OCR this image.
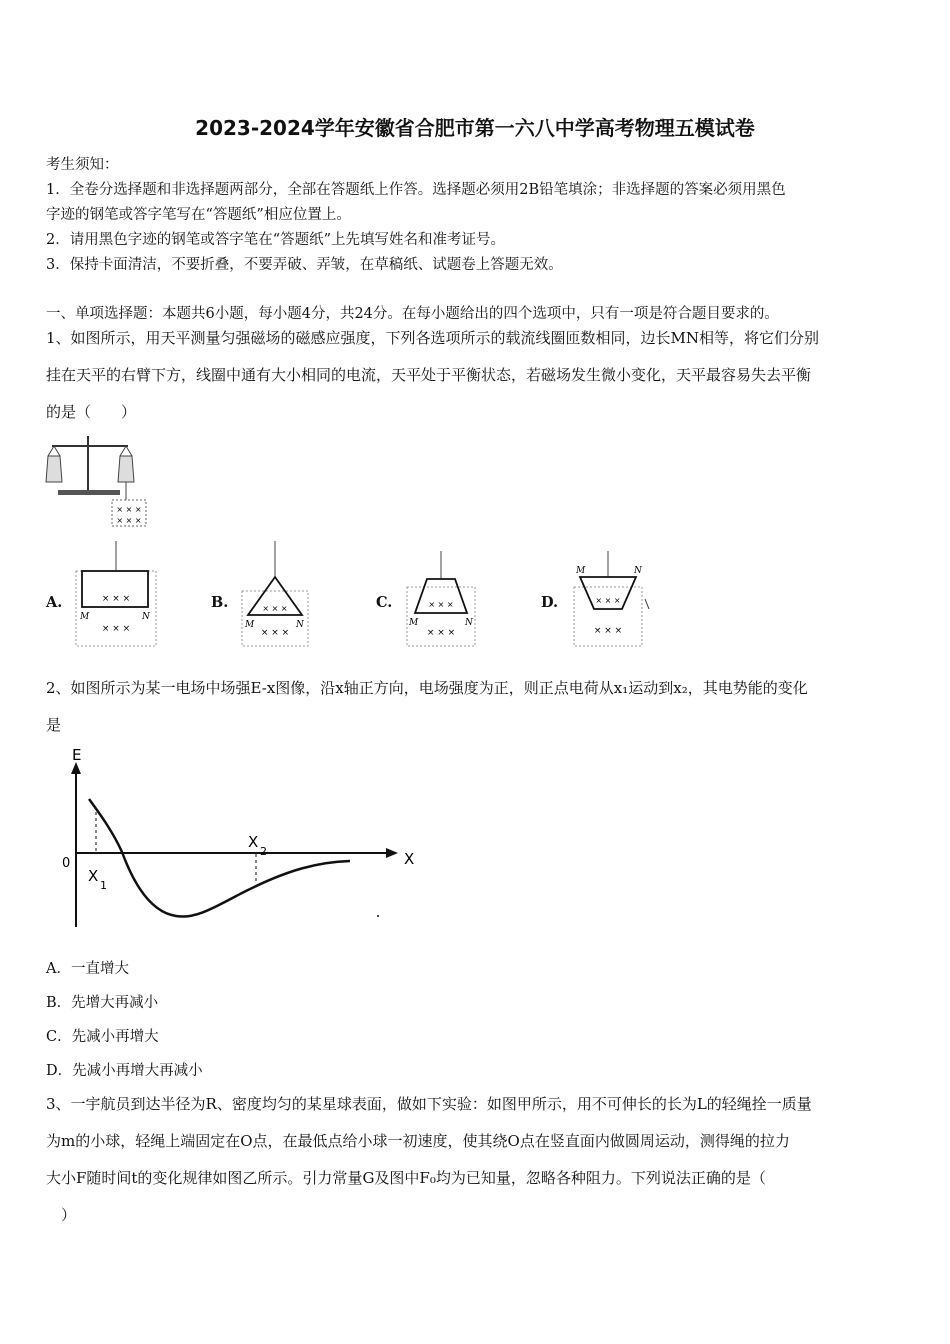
2023-2024学年安徽省合肥市第一六八中学高考物理五模试卷
考生须知：
1．全卷分选择题和非选择题两部分，全部在答题纸上作答。选择题必须用2B铅笔填涂；非选择题的答案必须用黑色
字迹的钢笔或答字笔写在“答题纸”相应位置上。
2．请用黑色字迹的钢笔或答字笔在“答题纸”上先填写姓名和准考证号。
3．保持卡面清洁，不要折叠，不要弄破、弄皱，在草稿纸、试题卷上答题无效。
一、单项选择题：本题共6小题，每小题4分，共24分。在每小题给出的四个选项中，只有一项是符合题目要求的。
1、如图所示，用天平测量匀强磁场的磁感应强度，下列各选项所示的载流线圈匝数相同，边长MN相等，将它们分别
挂在天平的右臂下方，线圈中通有大小相同的电流，天平处于平衡状态，若磁场发生微小变化，天平最容易失去平衡
的是（　　）
× × ×
× × ×
A.	× × ×
× × ×
M	N
B.	× × ×
× × ×
M	N
C.	× × ×
× × ×
M	N
D.	× × ×
× × ×
M	N
2、如图所示为某一电场中场强E-x图像，沿x轴正方向，电场强度为正，则正点电荷从x₁运动到x₂，其电势能的变化
是
E
X
0
X
1
X
2
A．一直增大
B．先增大再减小
C．先减小再增大
D．先减小再增大再减小
3、一宇航员到达半径为R、密度均匀的某星球表面，做如下实验：如图甲所示，用不可伸长的长为L的轻绳拴一质量
为m的小球，轻绳上端固定在O点，在最低点给小球一初速度，使其绕O点在竖直面内做圆周运动，测得绳的拉力
大小F随时间t的变化规律如图乙所示。引力常量G及图中F₀均为已知量，忽略各种阻力。下列说法正确的是（
　）
